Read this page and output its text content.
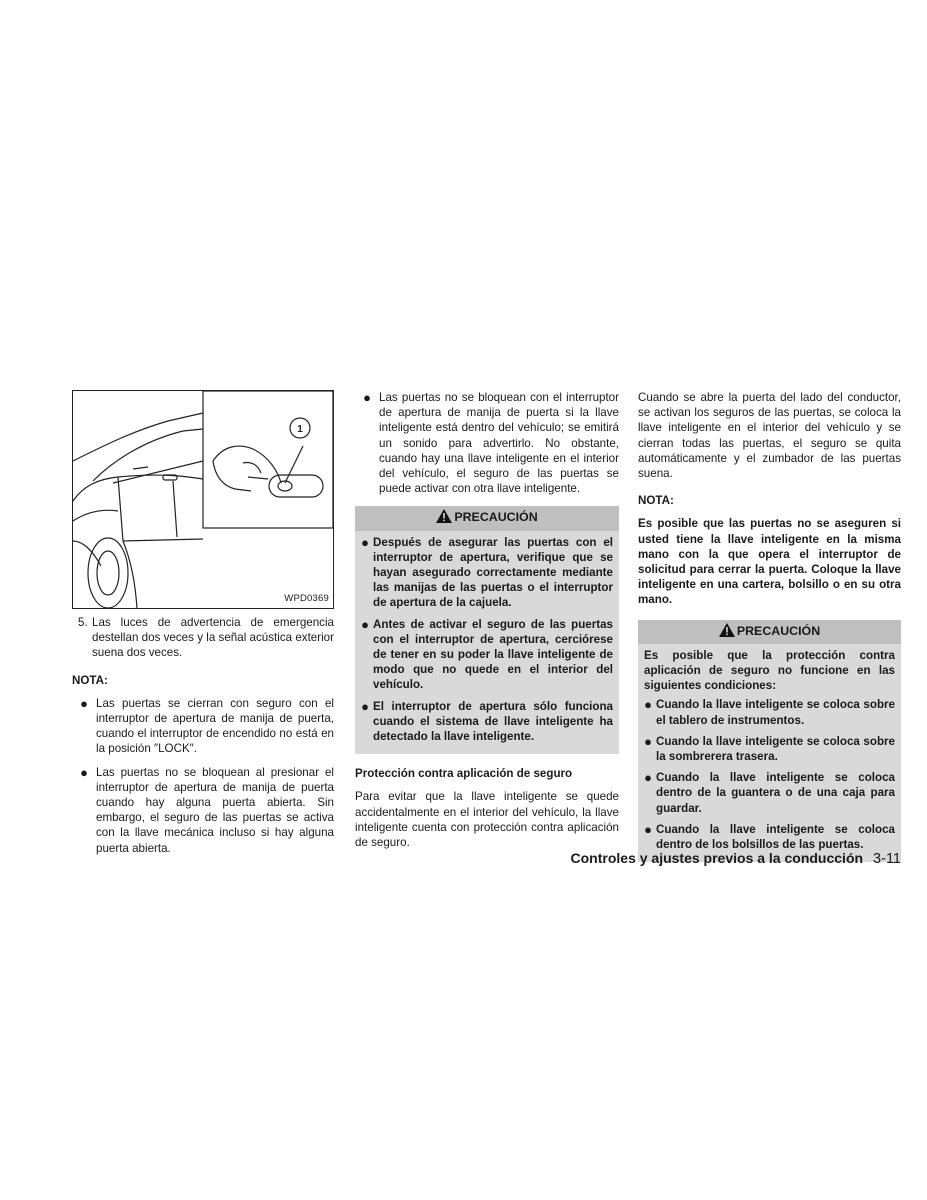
1
WPD0369
5. Las luces de advertencia de emergencia destellan dos veces y la señal acústica exterior suena dos veces.
NOTA:
● Las puertas se cierran con seguro con el interruptor de apertura de manija de puerta, cuando el interruptor de encendido no está en la posición ″LOCK″.
● Las puertas no se bloquean al presionar el interruptor de apertura de manija de puerta cuando hay alguna puerta abierta. Sin embargo, el seguro de las puertas se activa con la llave mecánica incluso si hay alguna puerta abierta.
● Las puertas no se bloquean con el interruptor de apertura de manija de puerta si la llave inteligente está dentro del vehículo; se emitirá un sonido para advertirlo. No obstante, cuando hay una llave inteligente en el interior del vehículo, el seguro de las puertas se puede activar con otra llave inteligente.
PRECAUCIÓN
● Después de asegurar las puertas con el interruptor de apertura, verifique que se hayan asegurado correctamente mediante las manijas de las puertas o el interruptor de apertura de la cajuela.
● Antes de activar el seguro de las puertas con el interruptor de apertura, cerciórese de tener en su poder la llave inteligente de modo que no quede en el interior del vehículo.
● El interruptor de apertura sólo funciona cuando el sistema de llave inteligente ha detectado la llave inteligente.
Protección contra aplicación de seguro

Para evitar que la llave inteligente se quede accidentalmente en el interior del vehículo, la llave inteligente cuenta con protección contra aplicación de seguro.

Cuando se abre la puerta del lado del conductor, se activan los seguros de las puertas, se coloca la llave inteligente en el interior del vehículo y se cierran todas las puertas, el seguro se quita automáticamente y el zumbador de las puertas suena.

NOTA:

Es posible que las puertas no se aseguren si usted tiene la llave inteligente en la misma mano con la que opera el interruptor de solicitud para cerrar la puerta. Coloque la llave inteligente en una cartera, bolsillo o en su otra mano.

PRECAUCIÓN
Es posible que la protección contra aplicación de seguro no funcione en las siguientes condiciones:
● Cuando la llave inteligente se coloca sobre el tablero de instrumentos.
● Cuando la llave inteligente se coloca sobre la sombrerera trasera.
● Cuando la llave inteligente se coloca dentro de la guantera o de una caja para guardar.
● Cuando la llave inteligente se coloca dentro de los bolsillos de las puertas.
Controles y ajustes previos a la conducción 3-11
